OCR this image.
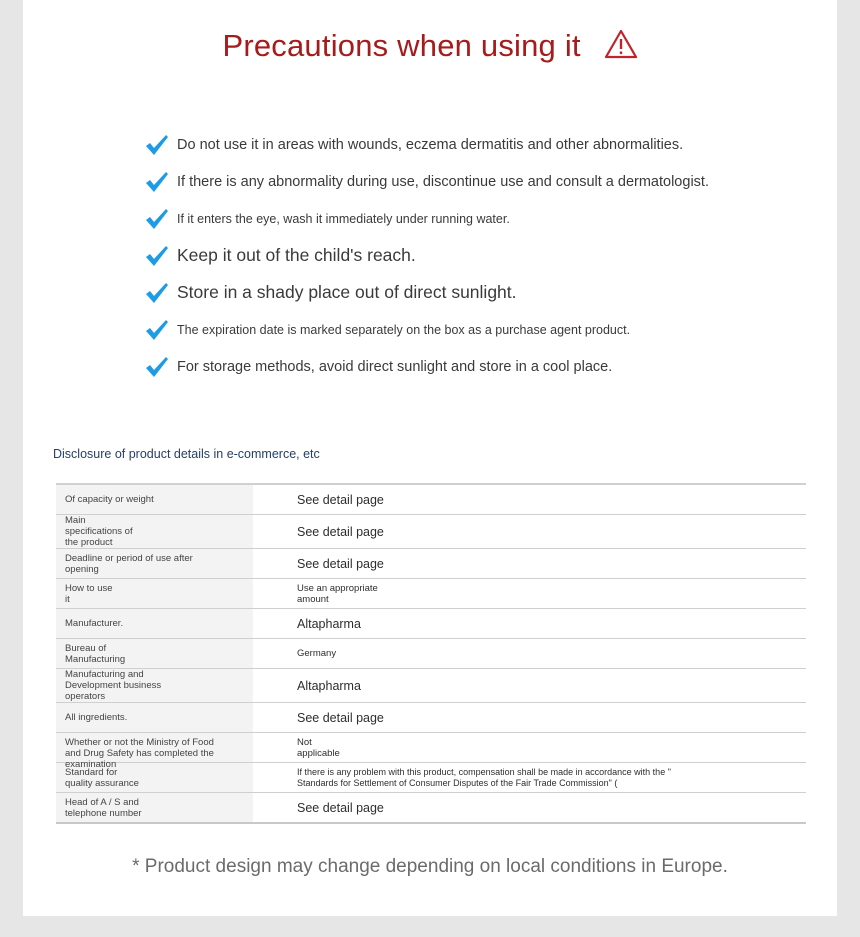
Precautions when using it
Do not use it in areas with wounds, eczema dermatitis and other abnormalities.
If there is any abnormality during use, discontinue use and consult a dermatologist.
If it enters the eye, wash it immediately under running water.
Keep it out of the child's reach.
Store in a shady place out of direct sunlight.
The expiration date is marked separately on the box as a purchase agent product.
For storage methods, avoid direct sunlight and store in a cool place.
Disclosure of product details in e-commerce, etc
Of capacity or weight	See detail page

Main specifications of the product	See detail page

Deadline or period of use after opening	See detail page

How to use it	Use an appropriate amount

Manufacturer.	Altapharma

Bureau of Manufacturing	Germany

Manufacturing and Development business operators	Altapharma

All ingredients.	See detail page

Whether or not the Ministry of Food and Drug Safety has completed the examination	Not applicable

Standard for quality assurance	If there is any problem with this product, compensation shall be made in accordance with the " Standards for Settlement of Consumer Disputes of the Fair Trade Commission" (

Head of A / S and telephone number	See detail page
* Product design may change depending on local conditions in Europe.
